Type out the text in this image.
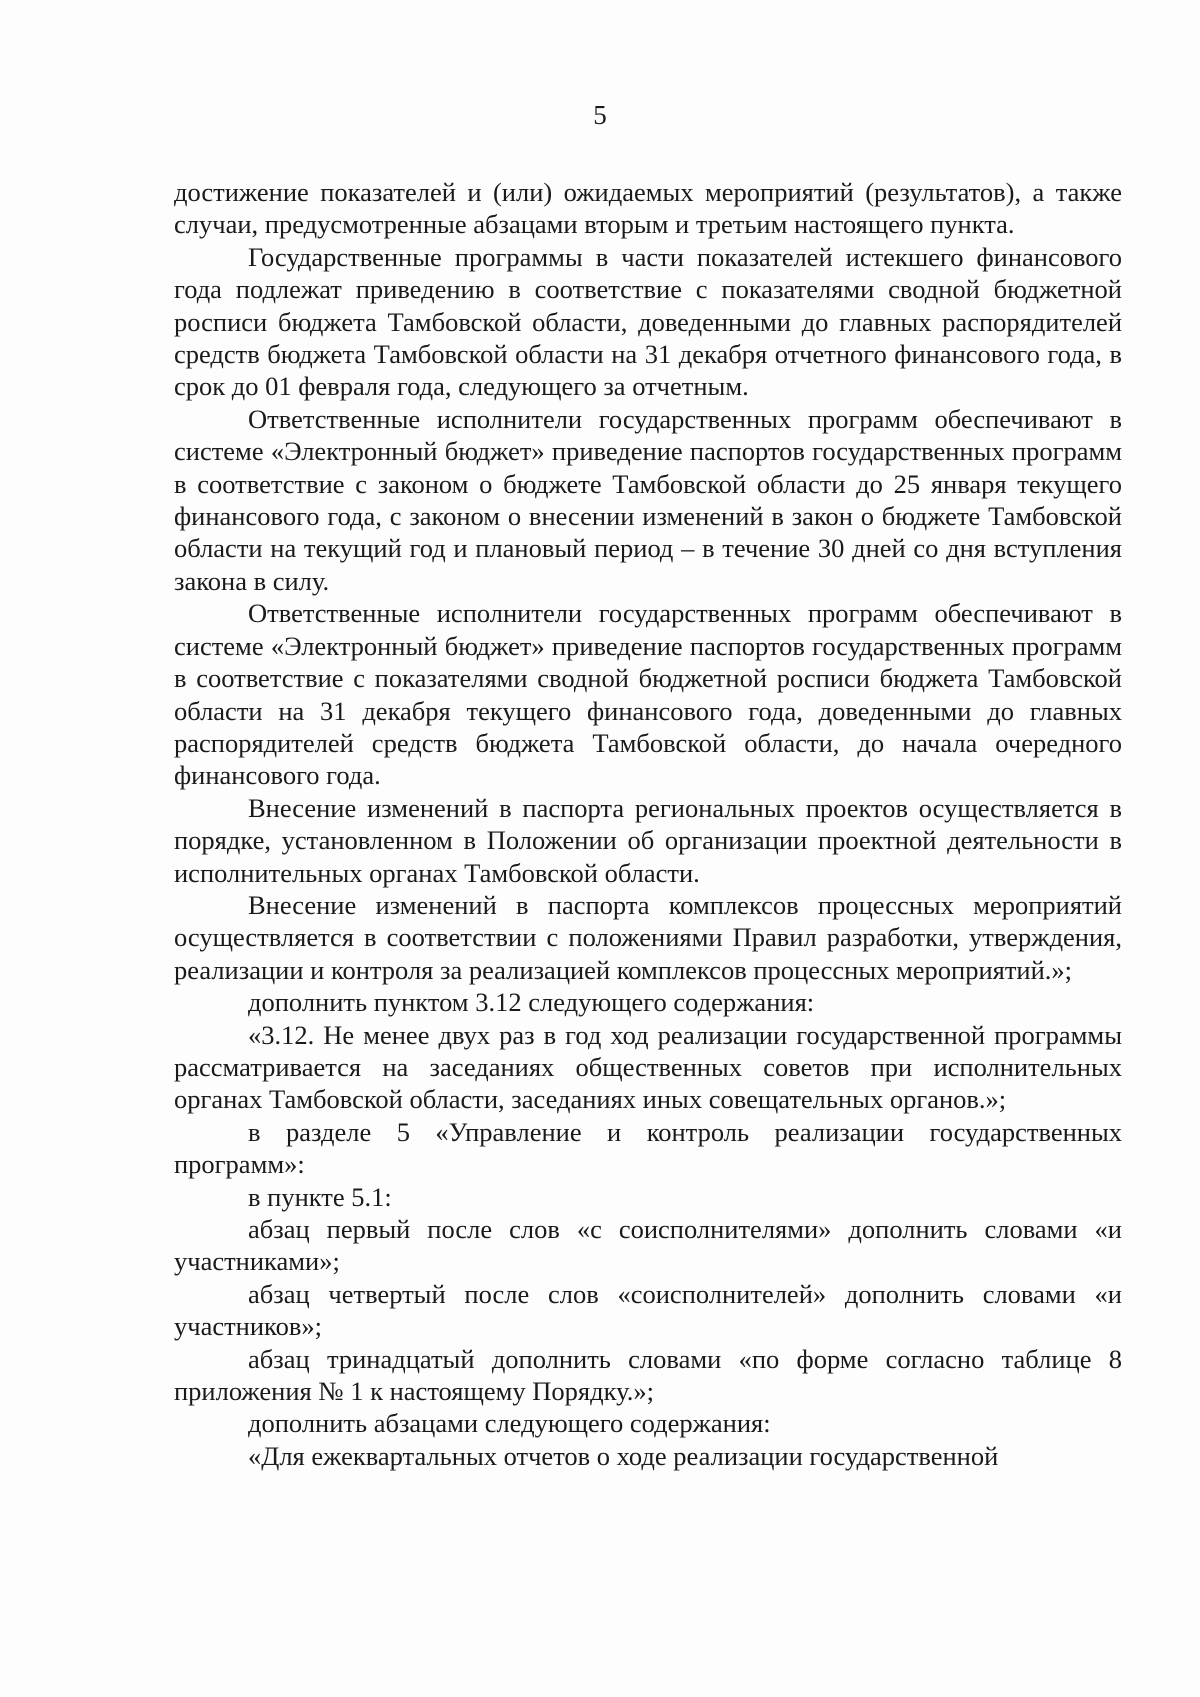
5

достижение показателей и (или) ожидаемых мероприятий (результатов), а также случаи, предусмотренные абзацами вторым и третьим настоящего пункта.

Государственные программы в части показателей истекшего финансового года подлежат приведению в соответствие с показателями сводной бюджетной росписи бюджета Тамбовской области, доведенными до главных распорядителей средств бюджета Тамбовской области на 31 декабря отчетного финансового года, в срок до 01 февраля года, следующего за отчетным.

Ответственные исполнители государственных программ обеспечивают в системе «Электронный бюджет» приведение паспортов государственных программ в соответствие с законом о бюджете Тамбовской области до 25 января текущего финансового года, с законом о внесении изменений в закон о бюджете Тамбовской области на текущий год и плановый период – в течение 30 дней со дня вступления закона в силу.

Ответственные исполнители государственных программ обеспечивают в системе «Электронный бюджет» приведение паспортов государственных программ в соответствие с показателями сводной бюджетной росписи бюджета Тамбовской области на 31 декабря текущего финансового года, доведенными до главных распорядителей средств бюджета Тамбовской области, до начала очередного финансового года.

Внесение изменений в паспорта региональных проектов осуществляется в порядке, установленном в Положении об организации проектной деятельности в исполнительных органах Тамбовской области.

Внесение изменений в паспорта комплексов процессных мероприятий осуществляется в соответствии с положениями Правил разработки, утверждения, реализации и контроля за реализацией комплексов процессных мероприятий.»;

дополнить пунктом 3.12 следующего содержания:

«3.12. Не менее двух раз в год ход реализации государственной программы рассматривается на заседаниях общественных советов при исполнительных органах Тамбовской области, заседаниях иных совещательных органов.»;

в разделе 5 «Управление и контроль реализации государственных программ»:

в пункте 5.1:

абзац первый после слов «с соисполнителями» дополнить словами «и участниками»;

абзац четвертый после слов «соисполнителей» дополнить словами «и участников»;

абзац тринадцатый дополнить словами «по форме согласно таблице 8 приложения № 1 к настоящему Порядку.»;

дополнить абзацами следующего содержания:

«Для ежеквартальных отчетов о ходе реализации государственной
